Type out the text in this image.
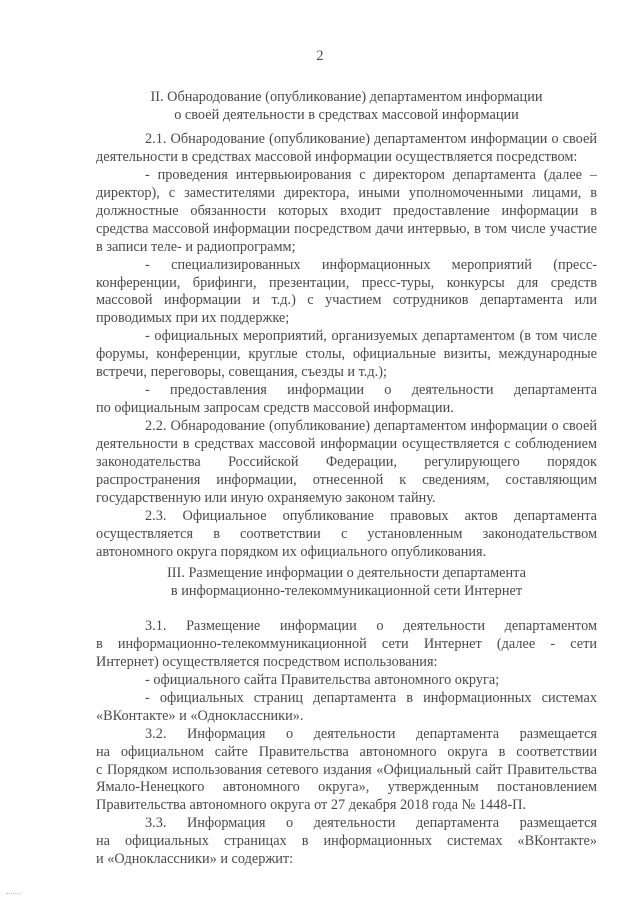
2
II. Обнародование (опубликование) департаментом информации
о своей деятельности в средствах массовой информации
2.1. Обнародование (опубликование) департаментом информации о своей
деятельности в средствах массовой информации осуществляется посредством:
- проведения интервьюирования с директором департамента (далее –
директор), с заместителями директора, иными уполномоченными лицами, в
должностные обязанности которых входит предоставление информации в
средства массовой информации посредством дачи интервью, в том числе участие
в записи теле- и радиопрограмм;
- специализированных информационных мероприятий (пресс-
конференции, брифинги, презентации, пресс-туры, конкурсы для средств
массовой информации и т.д.) с участием сотрудников департамента или
проводимых при их поддержке;
- официальных мероприятий, организуемых департаментом (в том числе
форумы, конференции, круглые столы, официальные визиты, международные
встречи, переговоры, совещания, съезды и т.д.);
- предоставления информации о деятельности департамента
по официальным запросам средств массовой информации.
2.2. Обнародование (опубликование) департаментом информации о своей
деятельности в средствах массовой информации осуществляется с соблюдением
законодательства Российской Федерации, регулирующего порядок
распространения информации, отнесенной к сведениям, составляющим
государственную или иную охраняемую законом тайну.
2.3. Официальное опубликование правовых актов департамента
осуществляется в соответствии с установленным законодательством
автономного округа порядком их официального опубликования.
III. Размещение информации о деятельности департамента
в информационно-телекоммуникационной сети Интернет
3.1. Размещение информации о деятельности департаментом
в информационно-телекоммуникационной сети Интернет (далее - сети
Интернет) осуществляется посредством использования:
- официального сайта Правительства автономного округа;
- официальных страниц департамента в информационных системах
«ВКонтакте» и «Одноклассники».
3.2. Информация о деятельности департамента размещается
на официальном сайте Правительства автономного округа в соответствии
с Порядком использования сетевого издания «Официальный сайт Правительства
Ямало-Ненецкого автономного округа», утвержденным постановлением
Правительства автономного округа от 27 декабря 2018 года № 1448-П.
3.3. Информация о деятельности департамента размещается
на официальных страницах в информационных системах «ВКонтакте»
и «Одноклассники» и содержит:
